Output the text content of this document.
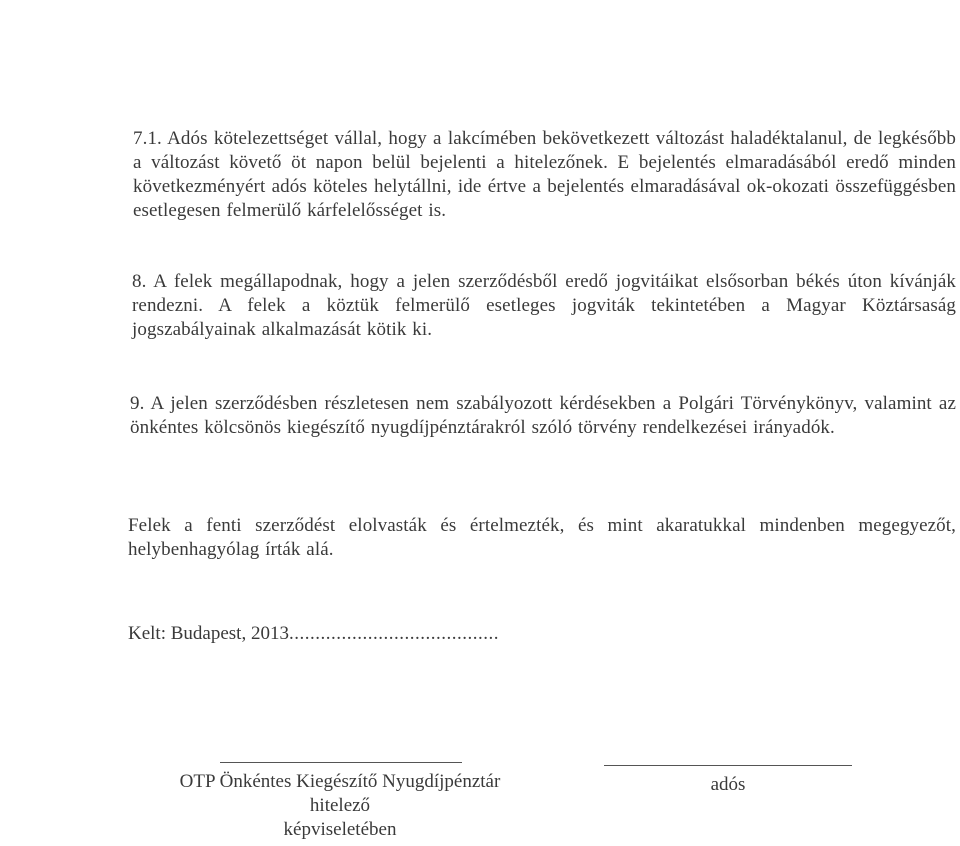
7.1. Adós kötelezettséget vállal, hogy a lakcímében bekövetkezett változást haladéktalanul, de legkésőbb a változást követő öt napon belül bejelenti a hitelezőnek. E bejelentés elmaradásából eredő minden következményért adós köteles helytállni, ide értve a bejelentés elmaradásával ok-okozati összefüggésben esetlegesen felmerülő kárfelelősséget is.
8. A felek megállapodnak, hogy a jelen szerződésből eredő jogvitáikat elsősorban békés úton kívánják rendezni. A felek a köztük felmerülő esetleges jogviták tekintetében a Magyar Köztársaság jogszabályainak alkalmazását kötik ki.
9. A jelen szerződésben részletesen nem szabályozott kérdésekben a Polgári Törvénykönyv, valamint az önkéntes kölcsönös kiegészítő nyugdíjpénztárakról szóló törvény rendelkezései irányadók.
Felek a fenti szerződést elolvasták és értelmezték, és mint akaratukkal mindenben megegyezőt, helybenhagyólag írták alá.
Kelt: Budapest, 2013........................................
OTP Önkéntes Kiegészítő Nyugdíjpénztár
hitelező
képviseletében
adós
